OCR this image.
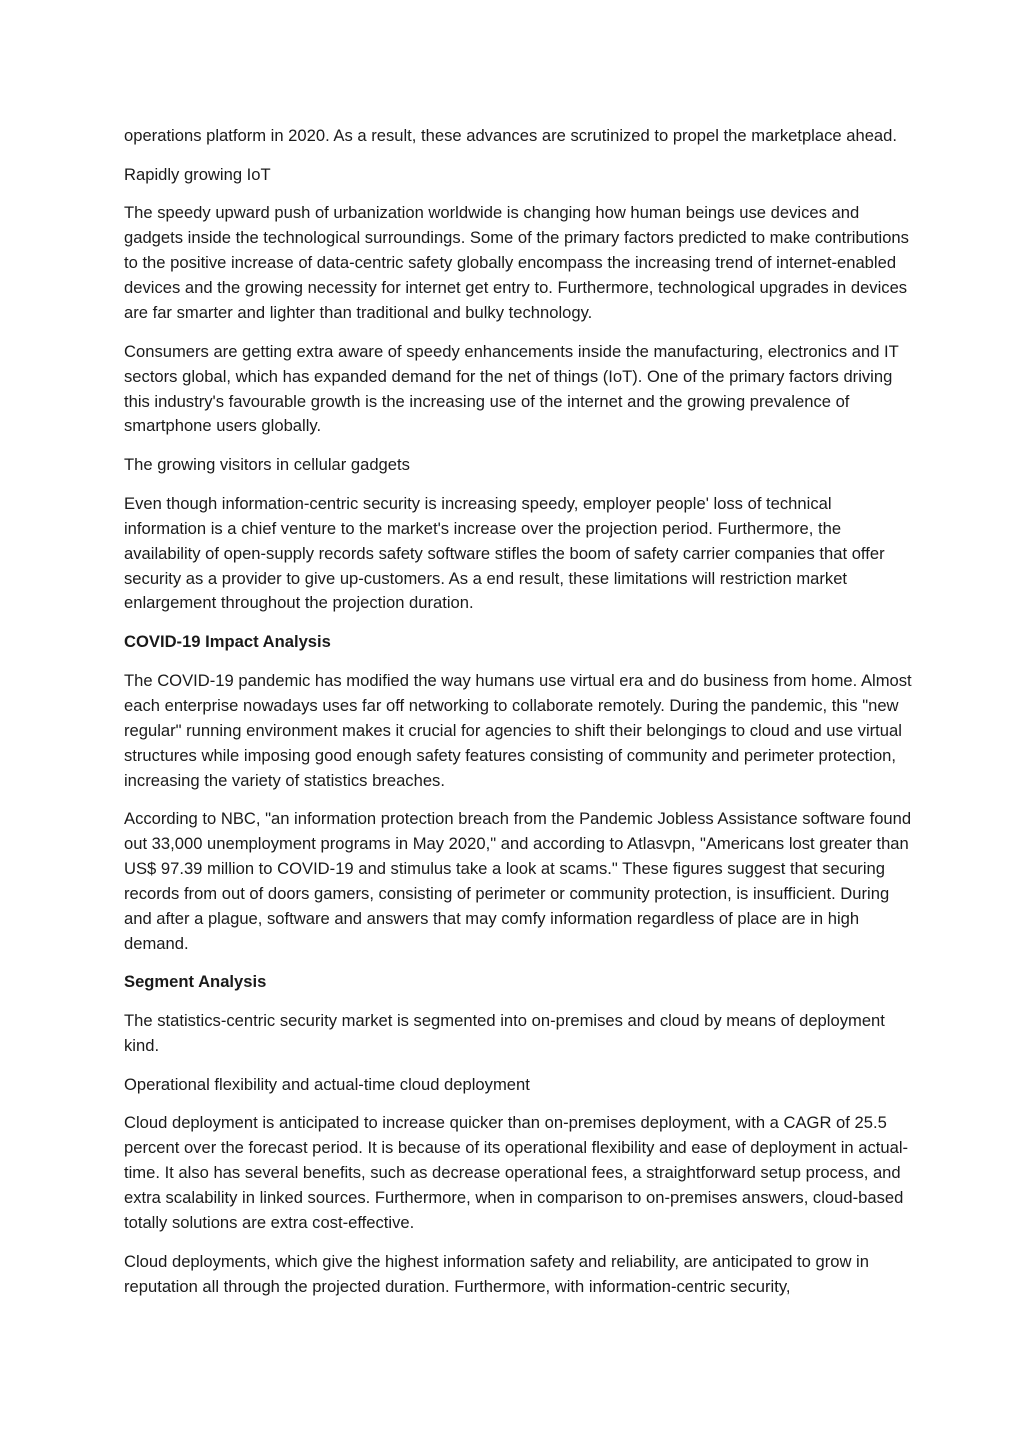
operations platform in 2020. As a result, these advances are scrutinized to propel the marketplace ahead.

Rapidly growing IoT

The speedy upward push of urbanization worldwide is changing how human beings use devices and gadgets inside the technological surroundings. Some of the primary factors predicted to make contributions to the positive increase of data-centric safety globally encompass the increasing trend of internet-enabled devices and the growing necessity for internet get entry to. Furthermore, technological upgrades in devices are far smarter and lighter than traditional and bulky technology.

Consumers are getting extra aware of speedy enhancements inside the manufacturing, electronics and IT sectors global, which has expanded demand for the net of things (IoT). One of the primary factors driving this industry's favourable growth is the increasing use of the internet and the growing prevalence of smartphone users globally.

The growing visitors in cellular gadgets

Even though information-centric security is increasing speedy, employer people' loss of technical information is a chief venture to the market's increase over the projection period. Furthermore, the availability of open-supply records safety software stifles the boom of safety carrier companies that offer security as a provider to give up-customers. As a end result, these limitations will restriction market enlargement throughout the projection duration.

COVID-19 Impact Analysis

The COVID-19 pandemic has modified the way humans use virtual era and do business from home. Almost each enterprise nowadays uses far off networking to collaborate remotely. During the pandemic, this "new regular" running environment makes it crucial for agencies to shift their belongings to cloud and use virtual structures while imposing good enough safety features consisting of community and perimeter protection, increasing the variety of statistics breaches.

According to NBC, "an information protection breach from the Pandemic Jobless Assistance software found out 33,000 unemployment programs in May 2020," and according to Atlasvpn, "Americans lost greater than US$ 97.39 million to COVID-19 and stimulus take a look at scams." These figures suggest that securing records from out of doors gamers, consisting of perimeter or community protection, is insufficient. During and after a plague, software and answers that may comfy information regardless of place are in high demand.

Segment Analysis

The statistics-centric security market is segmented into on-premises and cloud by means of deployment kind.

Operational flexibility and actual-time cloud deployment

Cloud deployment is anticipated to increase quicker than on-premises deployment, with a CAGR of 25.5 percent over the forecast period. It is because of its operational flexibility and ease of deployment in actual-time. It also has several benefits, such as decrease operational fees, a straightforward setup process, and extra scalability in linked sources. Furthermore, when in comparison to on-premises answers, cloud-based totally solutions are extra cost-effective.

Cloud deployments, which give the highest information safety and reliability, are anticipated to grow in reputation all through the projected duration. Furthermore, with information-centric security,
